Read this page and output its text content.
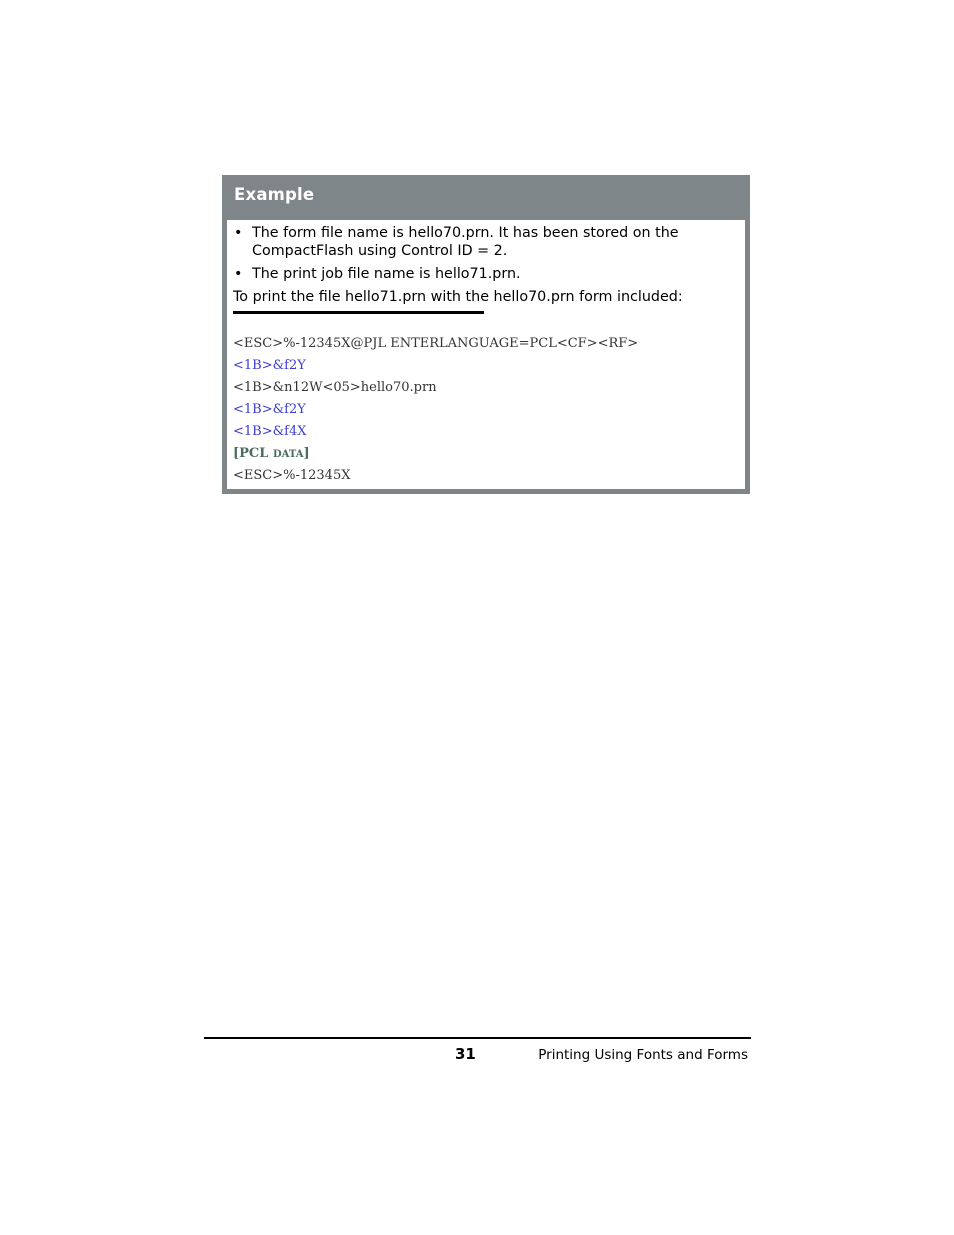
Example
• The form file name is hello70.prn. It has been stored on the CompactFlash using Control ID = 2.
• The print job file name is hello71.prn.
To print the file hello71.prn with the hello70.prn form included:
<ESC>%-12345X@PJL ENTERLANGUAGE=PCL<CF><RF>
<1B>&f2Y
<1B>&n12W<05>hello70.prn
<1B>&f2Y
<1B>&f4X
[PCL DATA]
<ESC>%-12345X
31	Printing Using Fonts and Forms
